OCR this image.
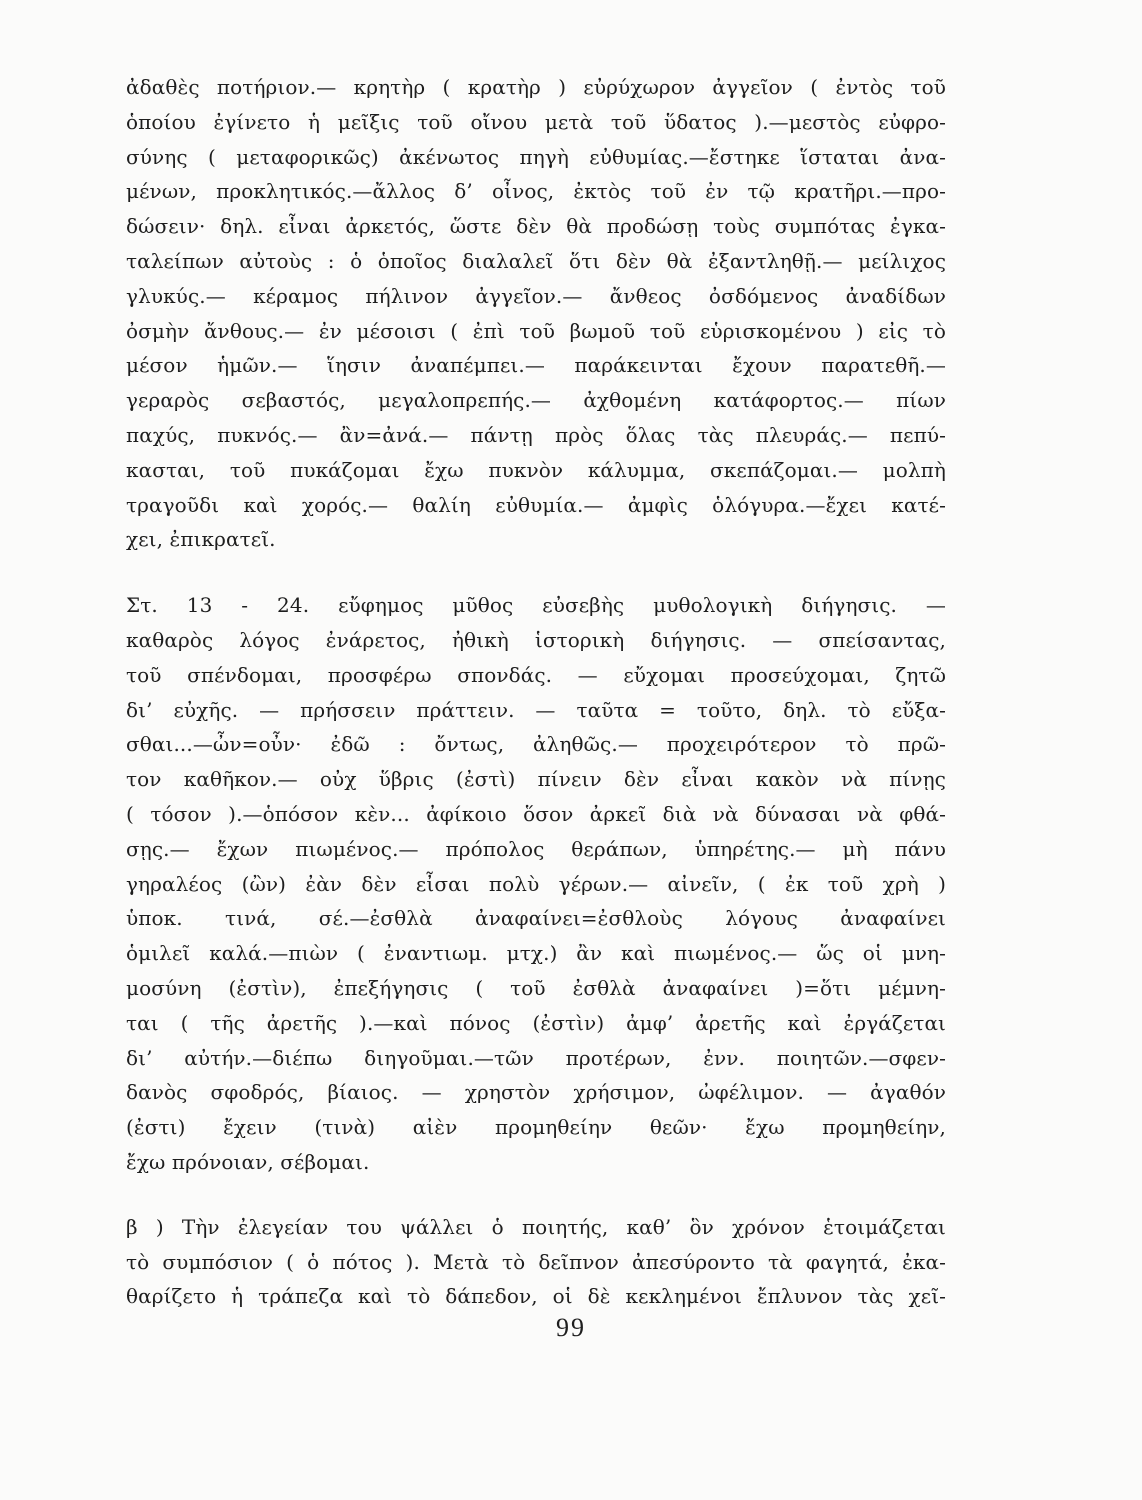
ἀδαθὲς ποτήριον.— κρητὴρ ( κρατὴρ ) εὐρύχωρον ἀγγεῖον ( ἐντὸς τοῦ
ὁποίου ἐγίνετο ἡ μεῖξις τοῦ οἴνου μετὰ τοῦ ὕδατος ).—μεστὸς εὐφρο-
σύνης ( μεταφορικῶς) ἀκένωτος πηγὴ εὐθυμίας.—ἔστηκε ἵσταται ἀνα-
μένων, προκλητικός.—ἄλλος δ’ οἶνος, ἐκτὸς τοῦ ἐν τῷ κρατῆρι.—προ-
δώσειν· δηλ. εἶναι ἀρκετός, ὥστε δὲν θὰ προδώσῃ τοὺς συμπότας ἐγκα-
ταλείπων αὐτοὺς : ὁ ὁποῖος διαλαλεῖ ὅτι δὲν θὰ ἐξαντληθῇ.— μείλιχος
γλυκύς.— κέραμος πήλινον ἀγγεῖον.— ἄνθεος ὀσδόμενος ἀναδίδων
ὀσμὴν ἄνθους.— ἐν μέσοισι ( ἐπὶ τοῦ βωμοῦ τοῦ εὑρισκομένου ) εἰς τὸ
μέσον ἡμῶν.— ἵησιν ἀναπέμπει.— παράκεινται ἔχουν παρατεθῆ.—
γεραρὸς σεβαστός, μεγαλοπρεπής.— ἀχθομένη κατάφορτος.— πίων
παχύς, πυκνός.— ἂν=ἀνά.— πάντῃ πρὸς ὅλας τὰς πλευράς.— πεπύ-
κασται, τοῦ πυκάζομαι ἔχω πυκνὸν κάλυμμα, σκεπάζομαι.— μολπὴ
τραγοῦδι καὶ χορός.— θαλίη εὐθυμία.— ἀμφὶς ὁλόγυρα.—ἔχει κατέ-
χει, ἐπικρατεῖ.
Στ. 13 - 24. εὔφημος μῦθος εὐσεβὴς μυθολογικὴ διήγησις. —
καθαρὸς λόγος ἐνάρετος, ἠθικὴ ἱστορικὴ διήγησις. — σπείσαντας,
τοῦ σπένδομαι, προσφέρω σπονδάς. — εὔχομαι προσεύχομαι, ζητῶ
δι’ εὐχῆς. — πρήσσειν πράττειν. — ταῦτα = τοῦτο, δηλ. τὸ εὔξα-
σθαι...—ὦν=οὖν· ἐδῶ : ὄντως, ἀληθῶς.— προχειρότερον τὸ πρῶ-
τον καθῆκον.— οὐχ ὕβρις (ἐστὶ) πίνειν δὲν εἶναι κακὸν νὰ πίνῃς
( τόσον ).—ὁπόσον κὲν... ἀφίκοιο ὅσον ἀρκεῖ διὰ νὰ δύνασαι νὰ φθά-
σῃς.— ἔχων πιωμένος.— πρόπολος θεράπων, ὑπηρέτης.— μὴ πάνυ
γηραλέος (ὢν) ἐὰν δὲν εἶσαι πολὺ γέρων.— αἰνεῖν, ( ἐκ τοῦ χρὴ )
ὑποκ. τινά, σέ.—ἐσθλὰ ἀναφαίνει=ἐσθλοὺς λόγους ἀναφαίνει
ὁμιλεῖ καλά.—πιὼν ( ἐναντιωμ. μτχ.) ἂν καὶ πιωμένος.— ὥς οἱ μνη-
μοσύνη (ἐστὶν), ἐπεξήγησις ( τοῦ ἐσθλὰ ἀναφαίνει )=ὅτι μέμνη-
ται ( τῆς ἀρετῆς ).—καὶ πόνος (ἐστὶν) ἀμφ’ ἀρετῆς καὶ ἐργάζεται
δι’ αὐτήν.—διέπω διηγοῦμαι.—τῶν προτέρων, ἐνν. ποιητῶν.—σφεν-
δανὸς σφοδρός, βίαιος. — χρηστὸν χρήσιμον, ὠφέλιμον. — ἀγαθόν
(ἐστι) ἔχειν (τινὰ) αἰὲν προμηθείην θεῶν· ἔχω προμηθείην,
ἔχω πρόνοιαν, σέβομαι.
β ) Τὴν ἐλεγείαν του ψάλλει ὁ ποιητής, καθ’ ὃν χρόνον ἑτοιμάζεται
τὸ συμπόσιον ( ὁ πότος ). Μετὰ τὸ δεῖπνον ἀπεσύροντο τὰ φαγητά, ἐκα-
θαρίζετο ἡ τράπεζα καὶ τὸ δάπεδον, οἱ δὲ κεκλημένοι ἔπλυνον τὰς χεῖ-
99
